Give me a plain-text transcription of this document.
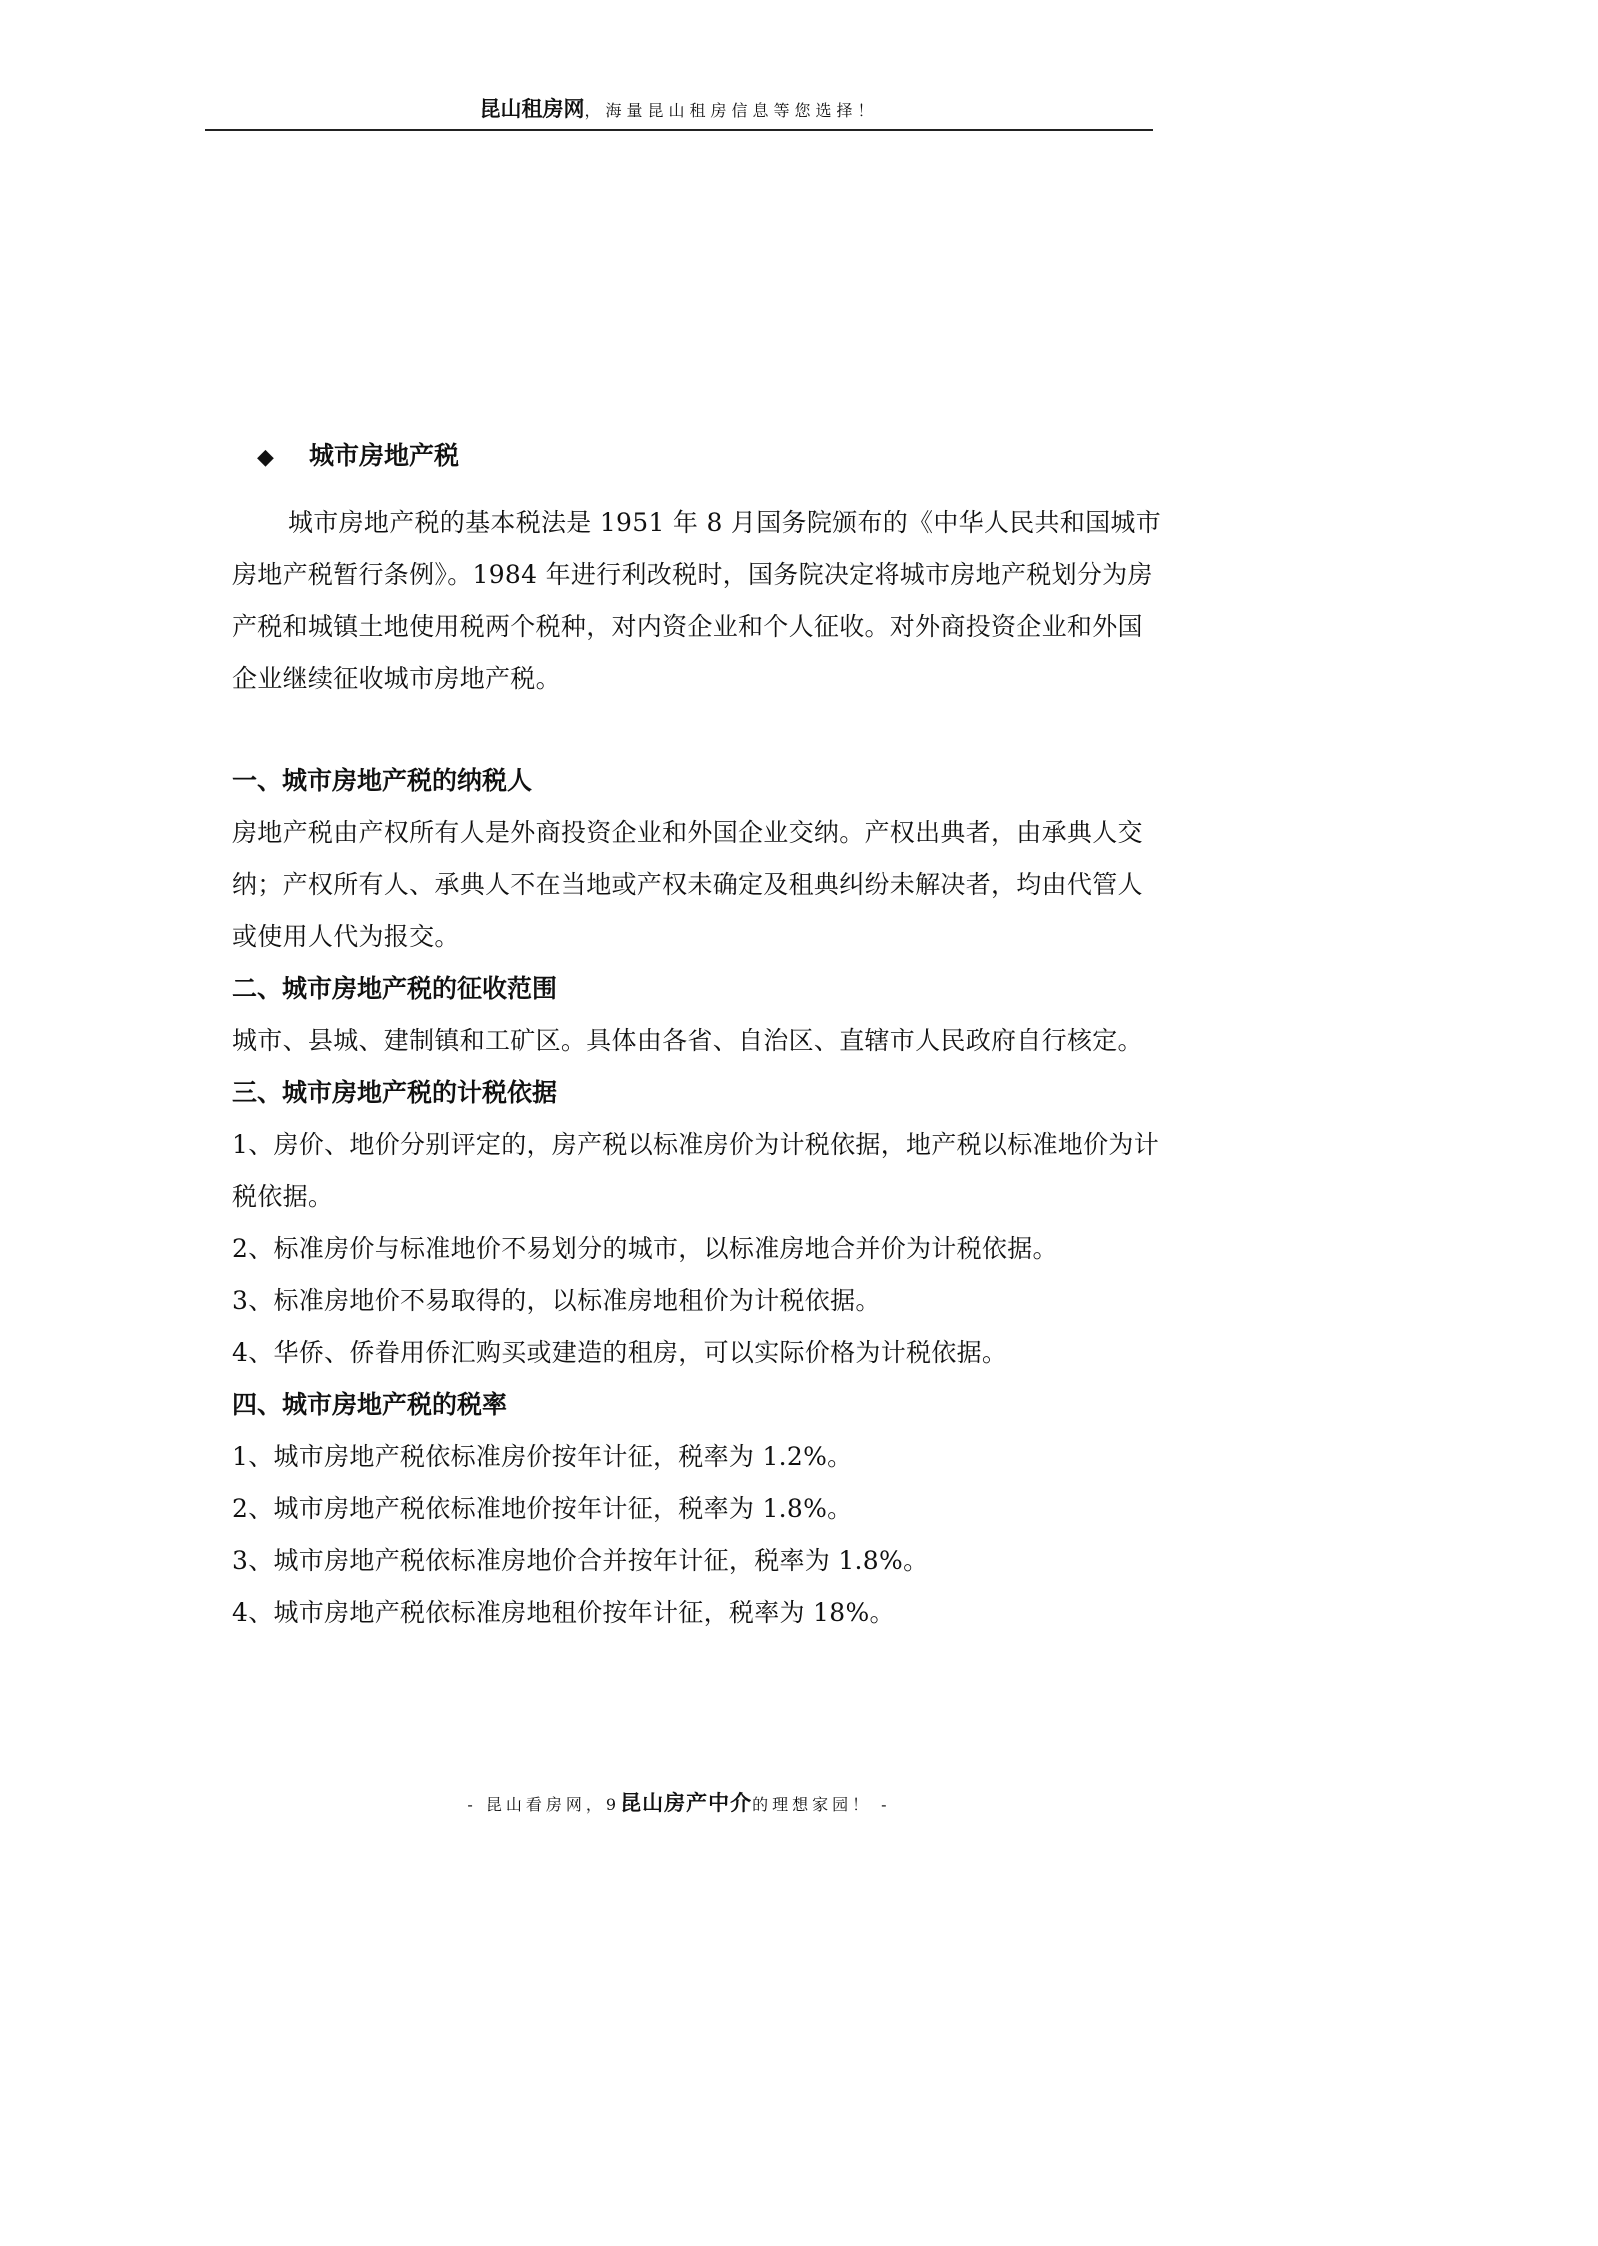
昆山租房网，海量昆山租房信息等您选择！
◆ 城市房地产税

城市房地产税的基本税法是 1951 年 8 月国务院颁布的《中华人民共和国城市房地产税暂行条例》。1984 年进行利改税时，国务院决定将城市房地产税划分为房产税和城镇土地使用税两个税种，对内资企业和个人征收。对外商投资企业和外国企业继续征收城市房地产税。

一、城市房地产税的纳税人

房地产税由产权所有人是外商投资企业和外国企业交纳。产权出典者，由承典人交纳；产权所有人、承典人不在当地或产权未确定及租典纠纷未解决者，均由代管人或使用人代为报交。

二、城市房地产税的征收范围

城市、县城、建制镇和工矿区。具体由各省、自治区、直辖市人民政府自行核定。

三、城市房地产税的计税依据

1、房价、地价分别评定的，房产税以标准房价为计税依据，地产税以标准地价为计税依据。

2、标准房价与标准地价不易划分的城市，以标准房地合并价为计税依据。

3、标准房地价不易取得的，以标准房地租价为计税依据。

4、华侨、侨眷用侨汇购买或建造的租房，可以实际价格为计税依据。

四、城市房地产税的税率

1、城市房地产税依标准房价按年计征，税率为 1.2%。

2、城市房地产税依标准地价按年计征，税率为 1.8%。

3、城市房地产税依标准房地价合并按年计征，税率为 1.8%。

4、城市房地产税依标准房地租价按年计征，税率为 18%。

- 昆山看房网，9昆山房产中介的理想家园！ -
